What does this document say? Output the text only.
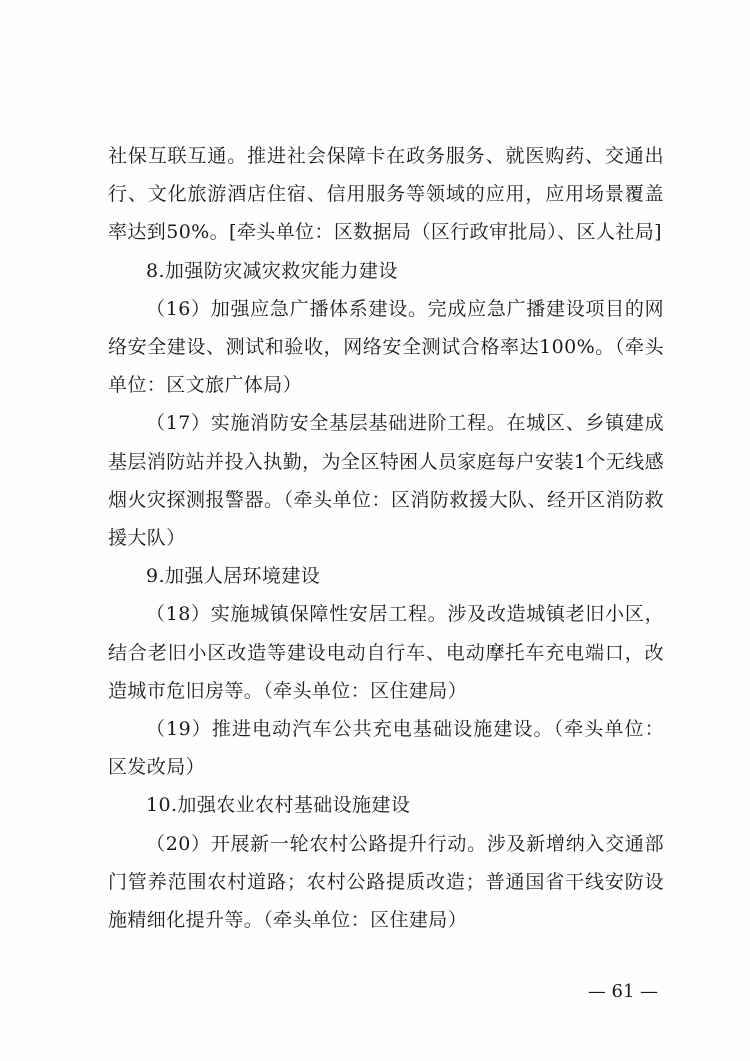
社保互联互通。推进社会保障卡在政务服务、就医购药、交通出行、文化旅游酒店住宿、信用服务等领域的应用，应用场景覆盖率达到50%。[牵头单位：区数据局（区行政审批局）、区人社局]

8.加强防灾减灾救灾能力建设

（16）加强应急广播体系建设。完成应急广播建设项目的网络安全建设、测试和验收，网络安全测试合格率达100%。（牵头单位：区文旅广体局）

（17）实施消防安全基层基础进阶工程。在城区、乡镇建成基层消防站并投入执勤，为全区特困人员家庭每户安装1个无线感烟火灾探测报警器。（牵头单位：区消防救援大队、经开区消防救援大队）

9.加强人居环境建设

（18）实施城镇保障性安居工程。涉及改造城镇老旧小区，结合老旧小区改造等建设电动自行车、电动摩托车充电端口，改造城市危旧房等。（牵头单位：区住建局）

（19）推进电动汽车公共充电基础设施建设。（牵头单位：区发改局）

10.加强农业农村基础设施建设

（20）开展新一轮农村公路提升行动。涉及新增纳入交通部门管养范围农村道路；农村公路提质改造；普通国省干线安防设施精细化提升等。（牵头单位：区住建局）

— 61 —
